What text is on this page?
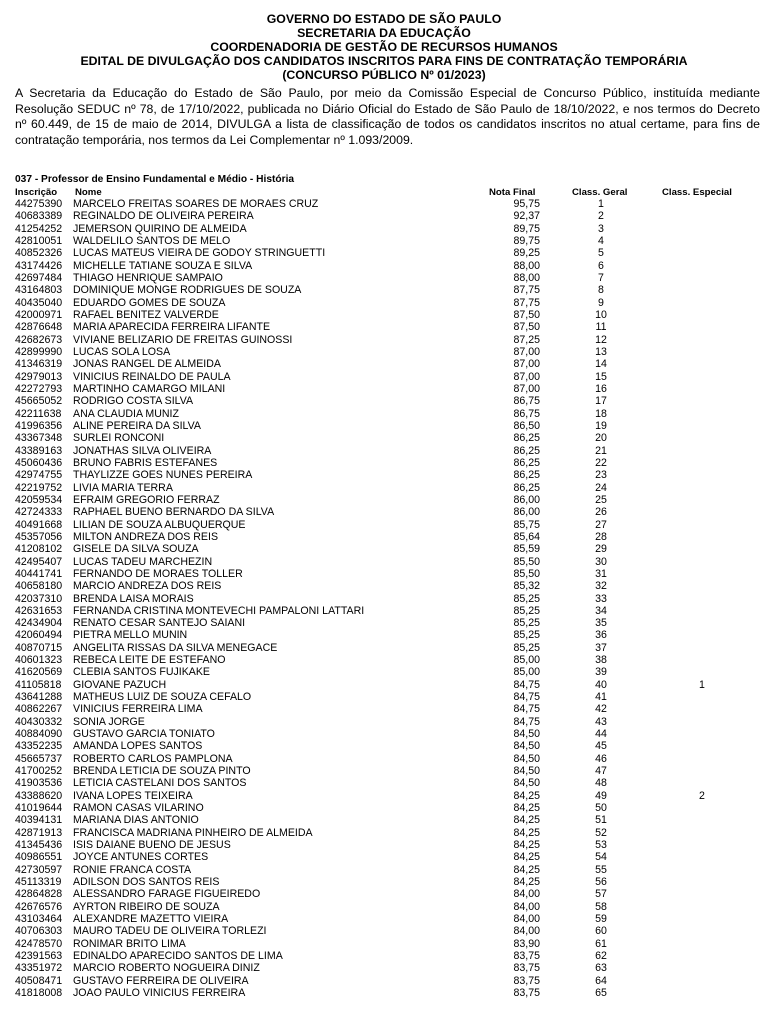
GOVERNO DO ESTADO DE SÃO PAULO
SECRETARIA DA EDUCAÇÃO
COORDENADORIA DE GESTÃO DE RECURSOS HUMANOS
EDITAL DE DIVULGAÇÃO DOS CANDIDATOS INSCRITOS PARA FINS DE CONTRATAÇÃO TEMPORÁRIA
(CONCURSO PÚBLICO Nº 01/2023)
A Secretaria da Educação do Estado de São Paulo, por meio da Comissão Especial de Concurso Público, instituída mediante Resolução SEDUC nº 78, de 17/10/2022, publicada no Diário Oficial do Estado de São Paulo de 18/10/2022, e nos termos do Decreto nº 60.449, de 15 de maio de 2014, DIVULGA a lista de classificação de todos os candidatos inscritos no atual certame, para fins de contratação temporária, nos termos da Lei Complementar nº 1.093/2009.
037 - Professor de Ensino Fundamental e Médio - História
Inscrição Nome	Nota Final	Class. Geral	Class. Especial
44275390 MARCELO FREITAS SOARES DE MORAES CRUZ	95,75	1
40683389 REGINALDO DE OLIVEIRA PEREIRA	92,37	2
41254252 JEMERSON QUIRINO DE ALMEIDA	89,75	3
42810051 WALDELILO SANTOS DE MELO	89,75	4
40852326 LUCAS MATEUS VIEIRA DE GODOY STRINGUETTI	89,25	5
43174426 MICHELLE TATIANE SOUZA E SILVA	88,00	6
42697484 THIAGO HENRIQUE SAMPAIO	88,00	7
43164803 DOMINIQUE MONGE RODRIGUES DE SOUZA	87,75	8
40435040 EDUARDO GOMES DE SOUZA	87,75	9
42000971 RAFAEL BENITEZ VALVERDE	87,50	10
42876648 MARIA APARECIDA FERREIRA LIFANTE	87,50	11
42682673 VIVIANE BELIZARIO DE FREITAS GUINOSSI	87,25	12
42899990 LUCAS SOLA LOSA	87,00	13
41346319 JONAS RANGEL DE ALMEIDA	87,00	14
42979013 VINICIUS REINALDO DE PAULA	87,00	15
42272793 MARTINHO CAMARGO MILANI	87,00	16
45665052 RODRIGO COSTA SILVA	86,75	17
42211638 ANA CLAUDIA MUNIZ	86,75	18
41996356 ALINE PEREIRA DA SILVA	86,50	19
43367348 SURLEI RONCONI	86,25	20
43389163 JONATHAS SILVA OLIVEIRA	86,25	21
45060436 BRUNO FABRIS ESTEFANES	86,25	22
42974755 THAYLIZZE GOES NUNES PEREIRA	86,25	23
42219752 LIVIA MARIA TERRA	86,25	24
42059534 EFRAIM GREGORIO FERRAZ	86,00	25
42724333 RAPHAEL BUENO BERNARDO DA SILVA	86,00	26
40491668 LILIAN DE SOUZA ALBUQUERQUE	85,75	27
45357056 MILTON ANDREZA DOS REIS	85,64	28
41208102 GISELE DA SILVA SOUZA	85,59	29
42495407 LUCAS TADEU MARCHEZIN	85,50	30
40441741 FERNANDO DE MORAES TOLLER	85,50	31
40658180 MARCIO ANDREZA DOS REIS	85,32	32
42037310 BRENDA LAISA MORAIS	85,25	33
42631653 FERNANDA CRISTINA MONTEVECHI PAMPALONI LATTARI	85,25	34
42434904 RENATO CESAR SANTEJO SAIANI	85,25	35
42060494 PIETRA MELLO MUNIN	85,25	36
40870715 ANGELITA RISSAS DA SILVA MENEGACE	85,25	37
40601323 REBECA LEITE DE ESTEFANO	85,00	38
41620569 CLEBIA SANTOS FUJIKAKE	85,00	39
41105818 GIOVANE PAZUCH	84,75	40	1
43641288 MATHEUS LUIZ DE SOUZA CEFALO	84,75	41
40862267 VINICIUS FERREIRA LIMA	84,75	42
40430332 SONIA JORGE	84,75	43
40884090 GUSTAVO GARCIA TONIATO	84,50	44
43352235 AMANDA LOPES SANTOS	84,50	45
45665737 ROBERTO CARLOS PAMPLONA	84,50	46
41700252 BRENDA LETICIA DE SOUZA PINTO	84,50	47
41903536 LETICIA CASTELANI DOS SANTOS	84,50	48
43388620 IVANA LOPES TEIXEIRA	84,25	49	2
41019644 RAMON CASAS VILARINO	84,25	50
40394131 MARIANA DIAS ANTONIO	84,25	51
42871913 FRANCISCA MADRIANA PINHEIRO DE ALMEIDA	84,25	52
41345436 ISIS DAIANE BUENO DE JESUS	84,25	53
40986551 JOYCE ANTUNES CORTES	84,25	54
42730597 RONIE FRANCA COSTA	84,25	55
45113319 ADILSON DOS SANTOS REIS	84,25	56
42864828 ALESSANDRO FARAGE FIGUEIREDO	84,00	57
42676576 AYRTON RIBEIRO DE SOUZA	84,00	58
43103464 ALEXANDRE MAZETTO VIEIRA	84,00	59
40706303 MAURO TADEU DE OLIVEIRA TORLEZI	84,00	60
42478570 RONIMAR BRITO LIMA	83,90	61
42391563 EDINALDO APARECIDO SANTOS DE LIMA	83,75	62
43351972 MARCIO ROBERTO NOGUEIRA DINIZ	83,75	63
40508471 GUSTAVO FERREIRA DE OLIVEIRA	83,75	64
41818008 JOAO PAULO VINICIUS FERREIRA	83,75	65
